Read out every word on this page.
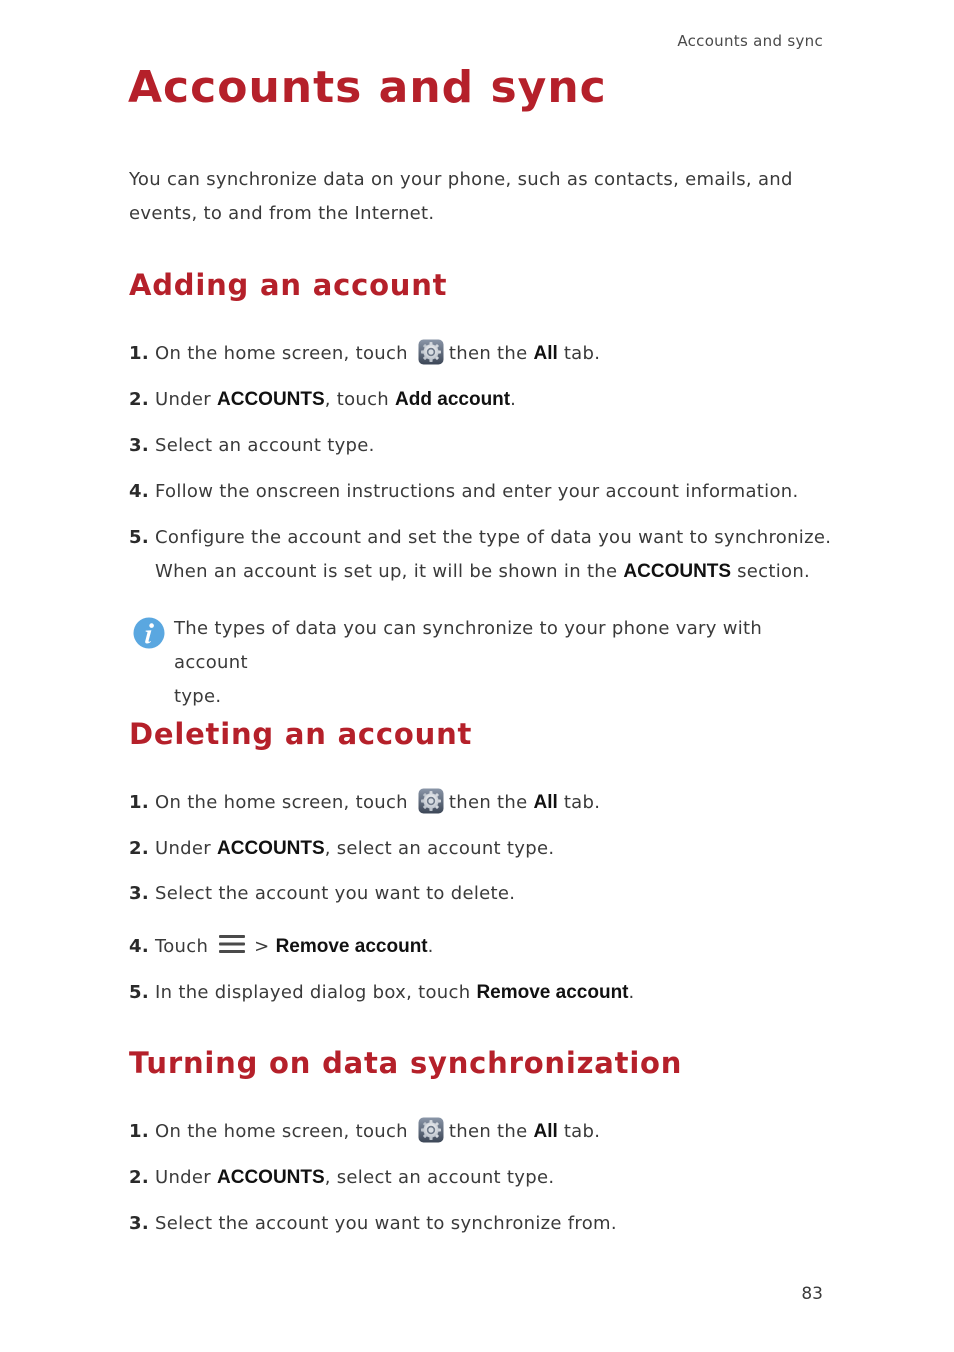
Accounts and sync
Accounts and sync
You can synchronize data on your phone, such as contacts, emails, and
events, to and from the Internet.
Adding an account
1. On the home screen, touch then the All tab.
2. Under ACCOUNTS, touch Add account.
3. Select an account type.
4. Follow the onscreen instructions and enter your account information.
5. Configure the account and set the type of data you want to synchronize.
When an account is set up, it will be shown in the ACCOUNTS section.
The types of data you can synchronize to your phone vary with account
type.
Deleting an account
1. On the home screen, touch then the All tab.
2. Under ACCOUNTS, select an account type.
3. Select the account you want to delete.
4. Touch	> Remove account.
5. In the displayed dialog box, touch Remove account.
Turning on data synchronization
1. On the home screen, touch then the All tab.
2. Under ACCOUNTS, select an account type.
3. Select the account you want to synchronize from.
83
